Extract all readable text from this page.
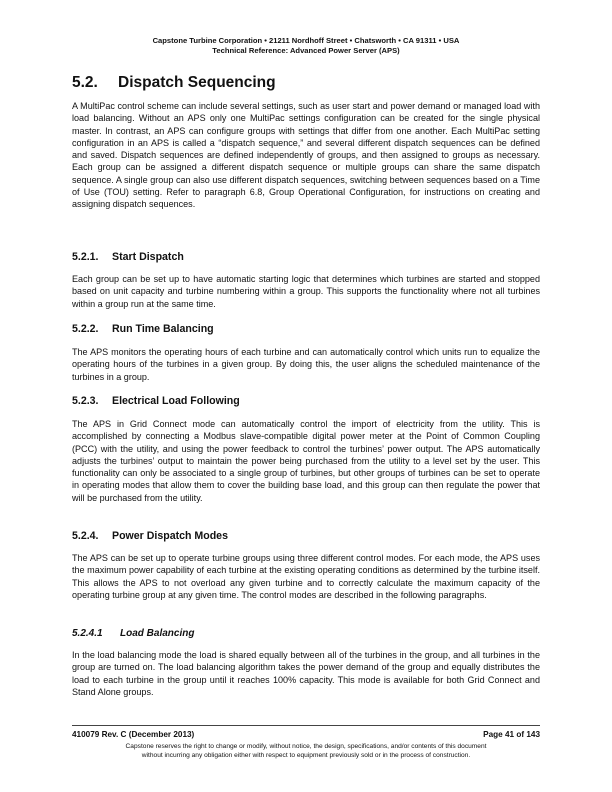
Capstone Turbine Corporation • 21211 Nordhoff Street • Chatsworth • CA 91311 • USA
Technical Reference: Advanced Power Server (APS)
5.2. Dispatch Sequencing

A MultiPac control scheme can include several settings, such as user start and power demand or managed load with load balancing. Without an APS only one MultiPac settings configuration can be created for the single physical master. In contrast, an APS can configure groups with settings that differ from one another. Each MultiPac setting configuration in an APS is called a “dispatch sequence,” and several different dispatch sequences can be defined and saved. Dispatch sequences are defined independently of groups, and then assigned to groups as necessary. Each group can be assigned a different dispatch sequence or multiple groups can share the same dispatch sequence. A single group can also use different dispatch sequences, switching between sequences based on a Time of Use (TOU) setting. Refer to paragraph 6.8, Group Operational Configuration, for instructions on creating and assigning dispatch sequences.

5.2.1. Start Dispatch

Each group can be set up to have automatic starting logic that determines which turbines are started and stopped based on unit capacity and turbine numbering within a group. This supports the functionality where not all turbines within a group run at the same time.

5.2.2. Run Time Balancing

The APS monitors the operating hours of each turbine and can automatically control which units run to equalize the operating hours of the turbines in a given group. By doing this, the user aligns the scheduled maintenance of the turbines in a group.

5.2.3. Electrical Load Following

The APS in Grid Connect mode can automatically control the import of electricity from the utility. This is accomplished by connecting a Modbus slave-compatible digital power meter at the Point of Common Coupling (PCC) with the utility, and using the power feedback to control the turbines’ power output. The APS automatically adjusts the turbines’ output to maintain the power being purchased from the utility to a level set by the user. This functionality can only be associated to a single group of turbines, but other groups of turbines can be set to operate in operating modes that allow them to cover the building base load, and this group can then regulate the power that will be purchased from the utility.

5.2.4. Power Dispatch Modes

The APS can be set up to operate turbine groups using three different control modes. For each mode, the APS uses the maximum power capability of each turbine at the existing operating conditions as determined by the turbine itself. This allows the APS to not overload any given turbine and to correctly calculate the maximum capacity of the operating turbine group at any given time. The control modes are described in the following paragraphs.

5.2.4.1 Load Balancing

In the load balancing mode the load is shared equally between all of the turbines in the group, and all turbines in the group are turned on. The load balancing algorithm takes the power demand of the group and equally distributes the load to each turbine in the group until it reaches 100% capacity. This mode is available for both Grid Connect and Stand Alone groups.

410079 Rev. C (December 2013)	Page 41 of 143
Capstone reserves the right to change or modify, without notice, the design, specifications, and/or contents of this document
without incurring any obligation either with respect to equipment previously sold or in the process of construction.
